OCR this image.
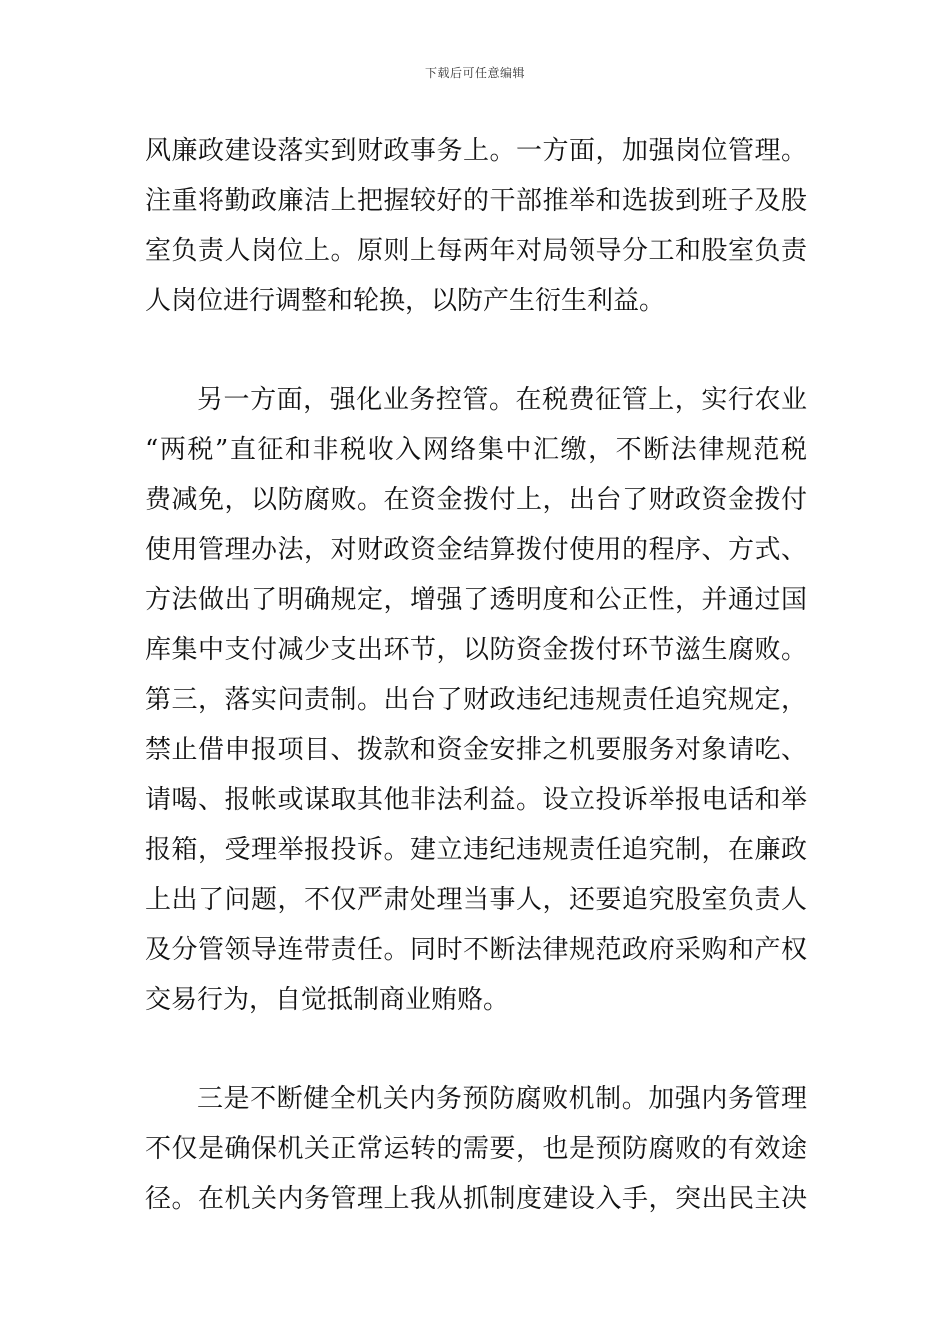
下载后可任意编辑
风廉政建设落实到财政事务上。一方面，加强岗位管理。
注重将勤政廉洁上把握较好的干部推举和选拔到班子及股
室负责人岗位上。原则上每两年对局领导分工和股室负责
人岗位进行调整和轮换，以防产生衍生利益。
另一方面，强化业务控管。在税费征管上，实行农业
“两税”直征和非税收入网络集中汇缴，不断法律规范税
费减免，以防腐败。在资金拨付上，出台了财政资金拨付
使用管理办法，对财政资金结算拨付使用的程序、方式、
方法做出了明确规定，增强了透明度和公正性，并通过国
库集中支付减少支出环节，以防资金拨付环节滋生腐败。
第三，落实问责制。出台了财政违纪违规责任追究规定，
禁止借申报项目、拨款和资金安排之机要服务对象请吃、
请喝、报帐或谋取其他非法利益。设立投诉举报电话和举
报箱，受理举报投诉。建立违纪违规责任追究制，在廉政
上出了问题，不仅严肃处理当事人，还要追究股室负责人
及分管领导连带责任。同时不断法律规范政府采购和产权
交易行为，自觉抵制商业贿赂。
三是不断健全机关内务预防腐败机制。加强内务管理
不仅是确保机关正常运转的需要，也是预防腐败的有效途
径。在机关内务管理上我从抓制度建设入手，突出民主决
